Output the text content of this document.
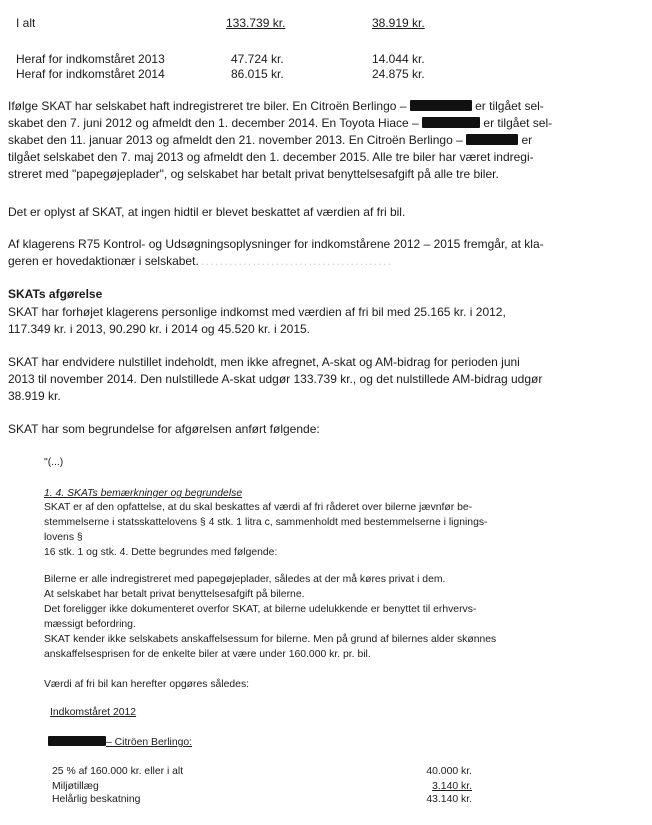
I alt	133.739 kr.	38.919 kr.
Heraf for indkomståret 2013	47.724 kr.	14.044 kr.
Heraf for indkomståret 2014	86.015 kr.	24.875 kr.
Ifølge SKAT har selskabet haft indregistreret tre biler. En Citroën Berlingo –	er tilgået sel-
skabet den 7. juni 2012 og afmeldt den 1. december 2014. En Toyota Hiace –	er tilgået sel-
skabet den 11. januar 2013 og afmeldt den 21. november 2013. En Citroën Berlingo –	er
tilgået selskabet den 7. maj 2013 og afmeldt den 1. december 2015. Alle tre biler har været indregi-
streret med "papegøjeplader", og selskabet har betalt privat benyttelsesafgift på alle tre biler.
Det er oplyst af SKAT, at ingen hidtil er blevet beskattet af værdien af fri bil.
Af klagerens R75 Kontrol- og Udsøgningsoplysninger for indkomstårene 2012 – 2015 fremgår, at kla-
geren er hovedaktionær i selskabet. . . . . . . . . . . . . . . . . . . . . . . . . . . . . . . . . . . . . . . . . .
SKATs afgørelse
SKAT har forhøjet klagerens personlige indkomst med værdien af fri bil med 25.165 kr. i 2012,
117.349 kr. i 2013, 90.290 kr. i 2014 og 45.520 kr. i 2015.
SKAT har endvidere nulstillet indeholdt, men ikke afregnet, A-skat og AM-bidrag for perioden juni
2013 til november 2014. Den nulstillede A-skat udgør 133.739 kr., og det nulstillede AM-bidrag udgør
38.919 kr.
SKAT har som begrundelse for afgørelsen anført følgende:
"(...)
1. 4. SKATs bemærkninger og begrundelse
SKAT er af den opfattelse, at du skal beskattes af værdi af fri råderet over bilerne jævnfør be-
stemmelserne i statsskattelovens § 4 stk. 1 litra c, sammenholdt med bestemmelserne i lignings-
lovens §
16 stk. 1 og stk. 4. Dette begrundes med følgende:
Bilerne er alle indregistreret med papegøjeplader, således at der må køres privat i dem.
At selskabet har betalt privat benyttelsesafgift på bilerne.
Det foreligger ikke dokumenteret overfor SKAT, at bilerne udelukkende er benyttet til erhvervs-
mæssigt befordring.
SKAT kender ikke selskabets anskaffelsessum for bilerne. Men på grund af bilernes alder skønnes
anskaffelsesprisen for de enkelte biler at være under 160.000 kr. pr. bil.
Værdi af fri bil kan herefter opgøres således:
Indkomståret 2012
– Citröen Berlingo:
25 % af 160.000 kr. eller i alt	40.000 kr.
Miljøtillæg	3.140 kr.
Helårlig beskatning	43.140 kr.
